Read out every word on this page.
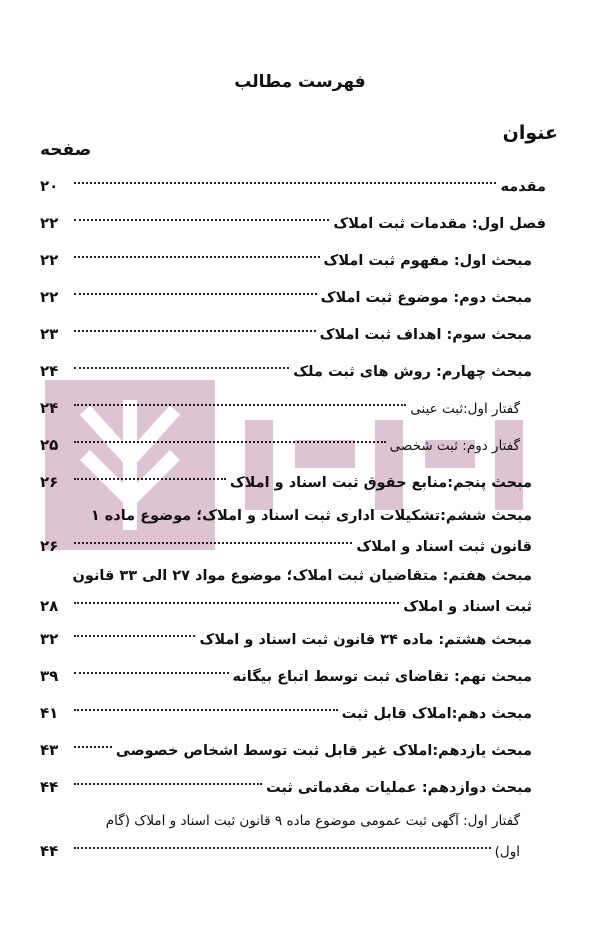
فهرست مطالب
عنوان
صفحه
مقدمه
۲۰
فصل اول: مقدمات ثبت املاک
۲۲
مبحث اول: مفهوم ثبت املاک
۲۲
مبحث دوم: موضوع ثبت املاک
۲۲
مبحث سوم: اهداف ثبت املاک
۲۳
مبحث چهارم: روش های ثبت ملک
۲۴
گفتار اول:ثبت عینی
۲۴
گفتار دوم: ثبت شخصی
۲۵
مبحث پنجم:منابع حقوق ثبت اسناد و املاک
۲۶
مبحث ششم:تشکیلات اداری ثبت اسناد و املاک؛ موضوع ماده ۱
قانون ثبت اسناد و املاک
۲۶
مبحث هفتم: متقاضیان ثبت املاک؛ موضوع مواد ۲۷ الی ۳۳ قانون
ثبت اسناد و املاک
۲۸
مبحث هشتم: ماده ۳۴ قانون ثبت اسناد و املاک
۳۲
مبحث نهم: تقاضای ثبت توسط اتباع بیگانه
۳۹
مبحث دهم:املاک قابل ثبت
۴۱
مبحث یازدهم:املاک غیر قابل ثبت توسط اشخاص خصوصی
۴۳
مبحث دوازدهم: عملیات مقدماتی ثبت
۴۴
گفتار اول: آگهی ثبت عمومی موضوع ماده ۹ قانون ثبت اسناد و املاک (گام
اول)
۴۴
